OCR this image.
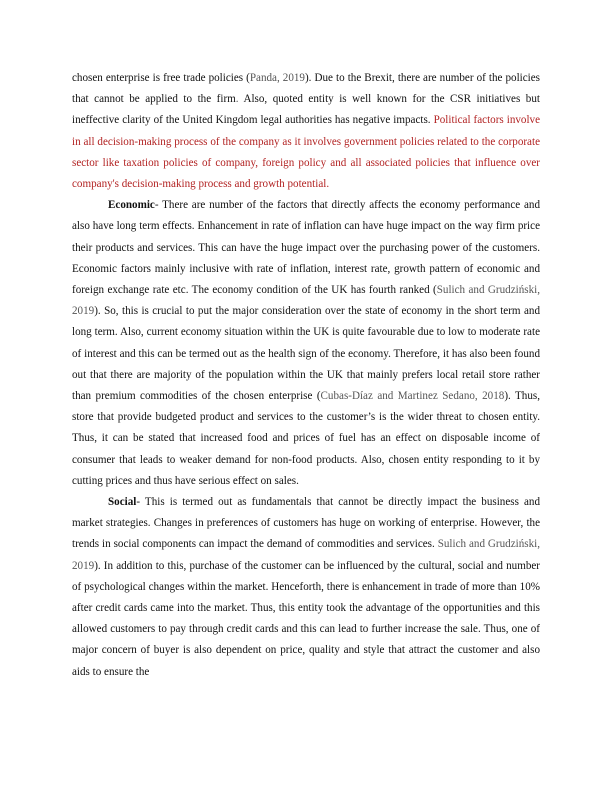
chosen enterprise is free trade policies (Panda, 2019). Due to the Brexit, there are number of the policies that cannot be applied to the firm. Also, quoted entity is well known for the CSR initiatives but ineffective clarity of the United Kingdom legal authorities has negative impacts. Political factors involve in all decision-making process of the company as it involves government policies related to the corporate sector like taxation policies of company, foreign policy and all associated policies that influence over company's decision-making process and growth potential.

Economic- There are number of the factors that directly affects the economy performance and also have long term effects. Enhancement in rate of inflation can have huge impact on the way firm price their products and services. This can have the huge impact over the purchasing power of the customers. Economic factors mainly inclusive with rate of inflation, interest rate, growth pattern of economic and foreign exchange rate etc. The economy condition of the UK has fourth ranked (Sulich and Grudziński, 2019). So, this is crucial to put the major consideration over the state of economy in the short term and long term. Also, current economy situation within the UK is quite favourable due to low to moderate rate of interest and this can be termed out as the health sign of the economy. Therefore, it has also been found out that there are majority of the population within the UK that mainly prefers local retail store rather than premium commodities of the chosen enterprise (Cubas-Díaz and Martinez Sedano, 2018). Thus, store that provide budgeted product and services to the customer’s is the wider threat to chosen entity. Thus, it can be stated that increased food and prices of fuel has an effect on disposable income of consumer that leads to weaker demand for non-food products. Also, chosen entity responding to it by cutting prices and thus have serious effect on sales.

Social- This is termed out as fundamentals that cannot be directly impact the business and market strategies. Changes in preferences of customers has huge on working of enterprise. However, the trends in social components can impact the demand of commodities and services. Sulich and Grudziński, 2019). In addition to this, purchase of the customer can be influenced by the cultural, social and number of psychological changes within the market. Henceforth, there is enhancement in trade of more than 10% after credit cards came into the market. Thus, this entity took the advantage of the opportunities and this allowed customers to pay through credit cards and this can lead to further increase the sale. Thus, one of major concern of buyer is also dependent on price, quality and style that attract the customer and also aids to ensure the
